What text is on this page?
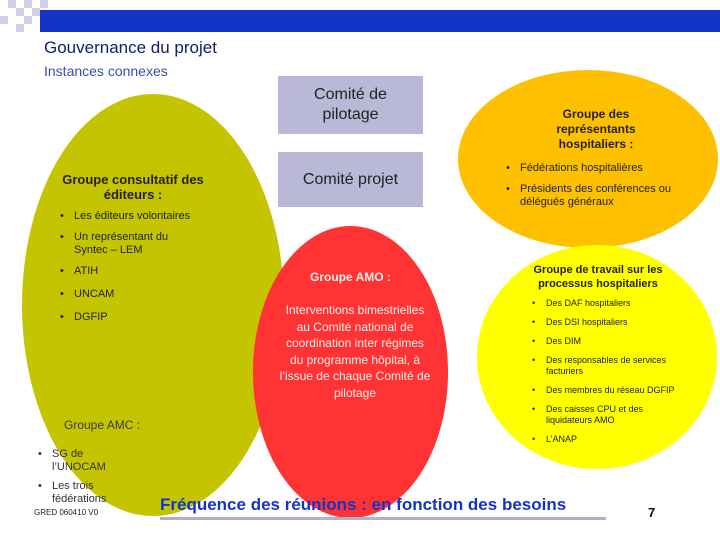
Gouvernance du projet
Instances connexes
Comité de pilotage
Comité projet
Groupe consultatif des éditeurs :
• Les éditeurs volontaires
• Un représentant du Syntec – LEM
• ATIH
• UNCAM
• DGFIP
Groupe AMC :
• SG de l’UNOCAM
• Les trois fédérations
Groupe des représentants hospitaliers :
• Fédérations hospitalières
• Présidents des conférences ou délégués généraux
Groupe AMO :
Interventions bimestrielles au Comité national de coordination inter régimes du programme hôpital, à l’issue de chaque Comité de pilotage
Groupe de travail sur les processus hospitaliers
• Des DAF hospitaliers
• Des DSI hospitaliers
• Des DIM
• Des responsables de services facturiers
• Des membres du réseau DGFIP
• Des caisses CPU et des liquidateurs AMO
• L’ANAP
Fréquence des réunions : en fonction des besoins	7
GRED 060410 V0
